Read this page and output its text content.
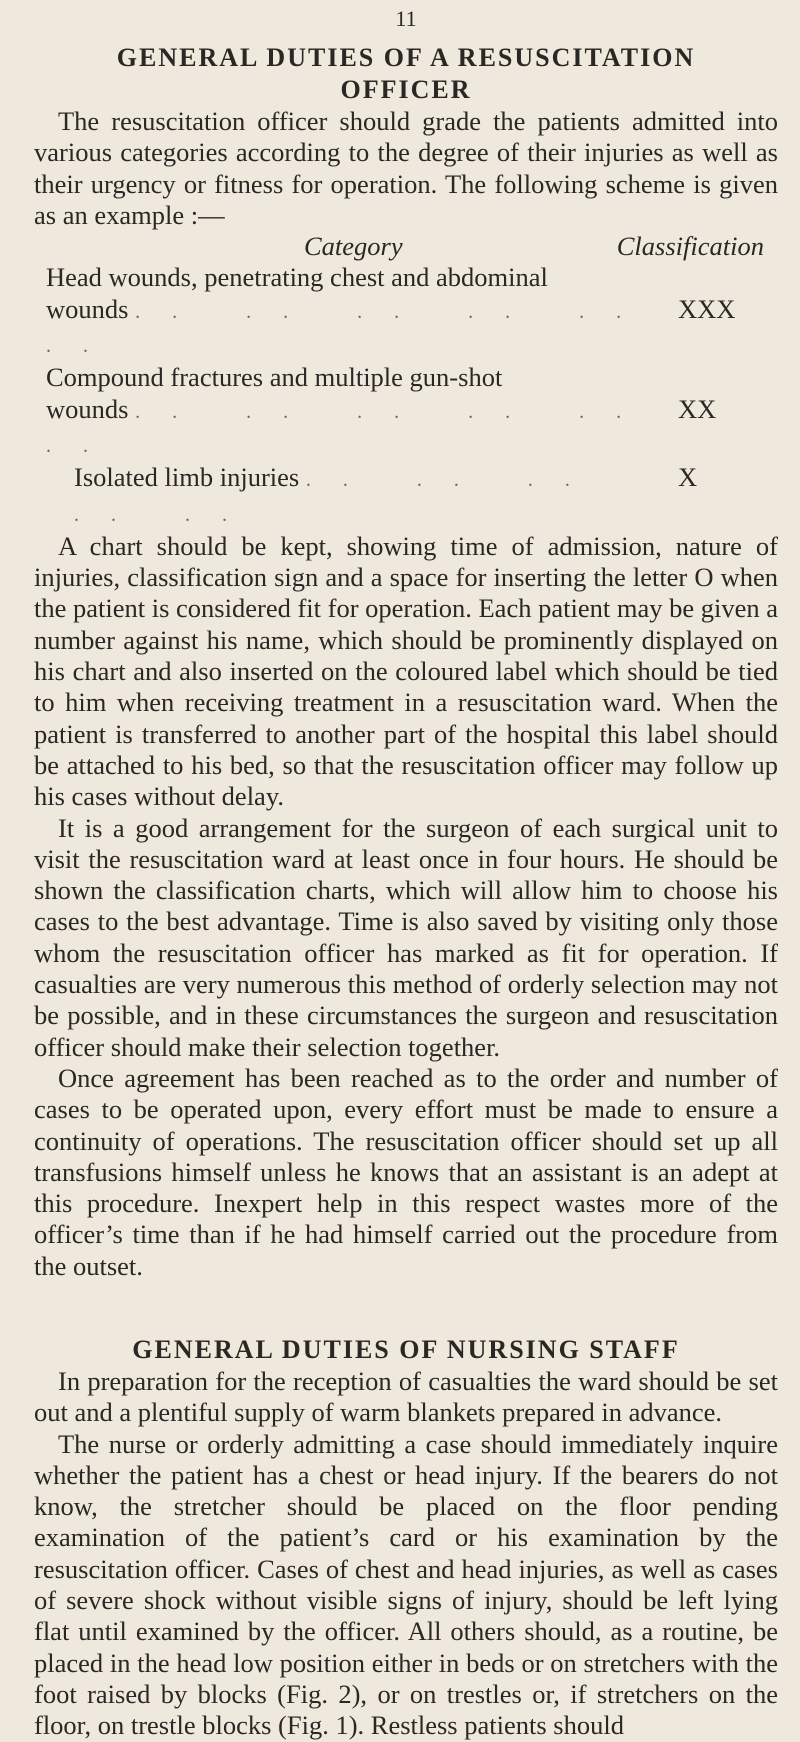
11
GENERAL DUTIES OF A RESUSCITATION
OFFICER

The resuscitation officer should grade the patients admitted into various categories according to the degree of their injuries as well as their urgency or fitness for operation. The following scheme is given as an example :—

Category	Classification
Head wounds, penetrating chest and abdominal
wounds .. .. .. .. .. ..
XXX
Compound fractures and multiple gun-shot
wounds .. .. .. .. .. ..
XX
Isolated limb injuries .. .. .. .. ..
X

A chart should be kept, showing time of admission, nature of injuries, classification sign and a space for inserting the letter O when the patient is considered fit for operation. Each patient may be given a number against his name, which should be prominently displayed on his chart and also inserted on the coloured label which should be tied to him when receiving treatment in a resuscitation ward. When the patient is transferred to another part of the hospital this label should be attached to his bed, so that the resuscitation officer may follow up his cases without delay.

It is a good arrangement for the surgeon of each surgical unit to visit the resuscitation ward at least once in four hours. He should be shown the classification charts, which will allow him to choose his cases to the best advantage. Time is also saved by visiting only those whom the resuscitation officer has marked as fit for operation. If casualties are very numerous this method of orderly selection may not be possible, and in these circumstances the surgeon and resuscitation officer should make their selection together.

Once agreement has been reached as to the order and number of cases to be operated upon, every effort must be made to ensure a continuity of operations. The resuscitation officer should set up all transfusions himself unless he knows that an assistant is an adept at this procedure. Inexpert help in this respect wastes more of the officer’s time than if he had himself carried out the procedure from the outset.

GENERAL DUTIES OF NURSING STAFF

In preparation for the reception of casualties the ward should be set out and a plentiful supply of warm blankets prepared in advance.

The nurse or orderly admitting a case should immediately inquire whether the patient has a chest or head injury. If the bearers do not know, the stretcher should be placed on the floor pending examination of the patient’s card or his examination by the resuscitation officer. Cases of chest and head injuries, as well as cases of severe shock without visible signs of injury, should be left lying flat until examined by the officer. All others should, as a routine, be placed in the head low position either in beds or on stretchers with the foot raised by blocks (Fig. 2), or on trestles or, if stretchers on the floor, on trestle blocks (Fig. 1). Restless patients should
